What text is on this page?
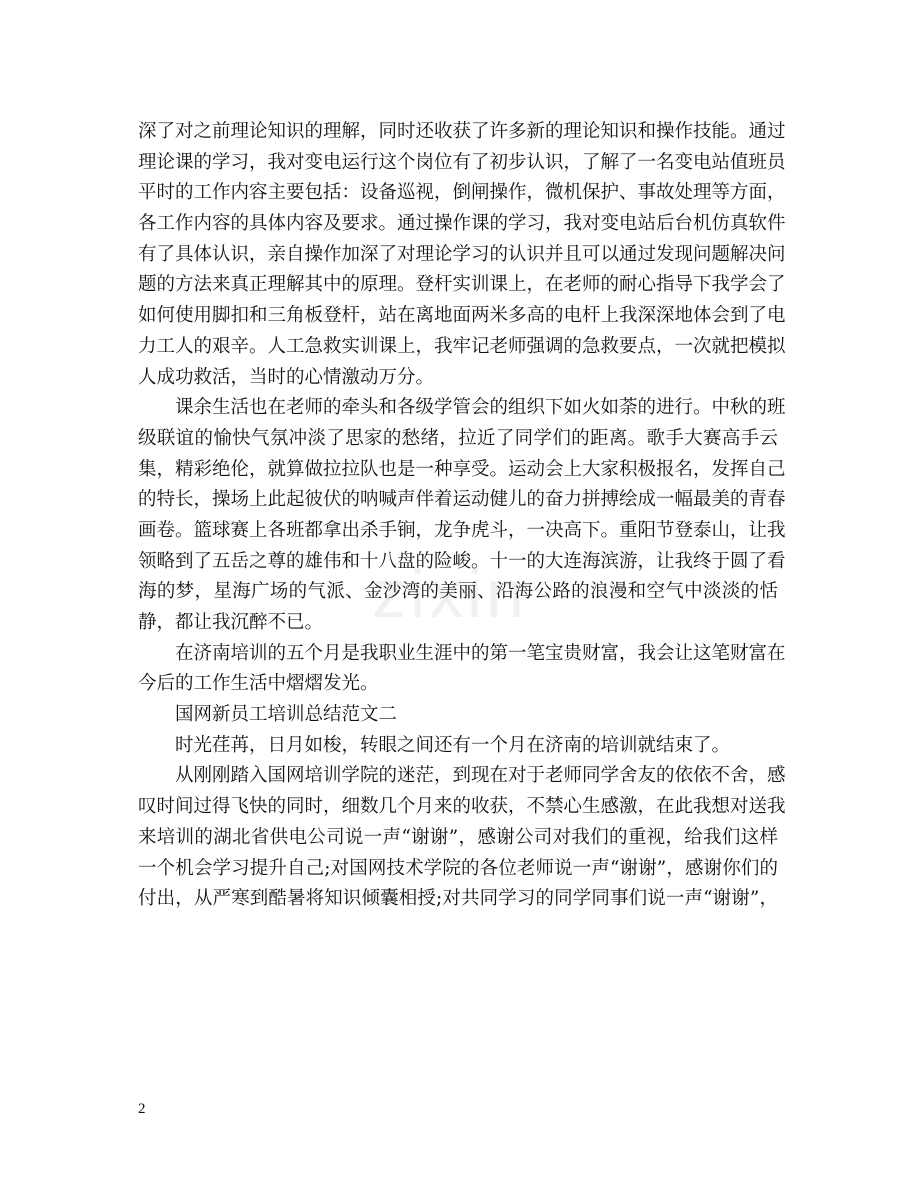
zixin
深了对之前理论知识的理解，同时还收获了许多新的理论知识和操作技能。通过
理论课的学习，我对变电运行这个岗位有了初步认识，了解了一名变电站值班员
平时的工作内容主要包括：设备巡视，倒闸操作，微机保护、事故处理等方面，
各工作内容的具体内容及要求。通过操作课的学习，我对变电站后台机仿真软件
有了具体认识，亲自操作加深了对理论学习的认识并且可以通过发现问题解决问
题的方法来真正理解其中的原理。登杆实训课上，在老师的耐心指导下我学会了
如何使用脚扣和三角板登杆，站在离地面两米多高的电杆上我深深地体会到了电
力工人的艰辛。人工急救实训课上，我牢记老师强调的急救要点，一次就把模拟
人成功救活，当时的心情激动万分。
课余生活也在老师的牵头和各级学管会的组织下如火如荼的进行。中秋的班
级联谊的愉快气氛冲淡了思家的愁绪，拉近了同学们的距离。歌手大赛高手云
集，精彩绝伦，就算做拉拉队也是一种享受。运动会上大家积极报名，发挥自己
的特长，操场上此起彼伏的呐喊声伴着运动健儿的奋力拼搏绘成一幅最美的青春
画卷。篮球赛上各班都拿出杀手锏，龙争虎斗，一决高下。重阳节登泰山，让我
领略到了五岳之尊的雄伟和十八盘的险峻。十一的大连海滨游，让我终于圆了看
海的梦，星海广场的气派、金沙湾的美丽、沿海公路的浪漫和空气中淡淡的恬
静，都让我沉醉不已。
在济南培训的五个月是我职业生涯中的第一笔宝贵财富，我会让这笔财富在
今后的工作生活中熠熠发光。
国网新员工培训总结范文二
时光荏苒，日月如梭，转眼之间还有一个月在济南的培训就结束了。
从刚刚踏入国网培训学院的迷茫，到现在对于老师同学舍友的依依不舍，感
叹时间过得飞快的同时，细数几个月来的收获，不禁心生感激，在此我想对送我
来培训的湖北省供电公司说一声“谢谢”，感谢公司对我们的重视，给我们这样
一个机会学习提升自己;对国网技术学院的各位老师说一声“谢谢”，感谢你们的
付出，从严寒到酷暑将知识倾囊相授;对共同学习的同学同事们说一声“谢谢”，
2
